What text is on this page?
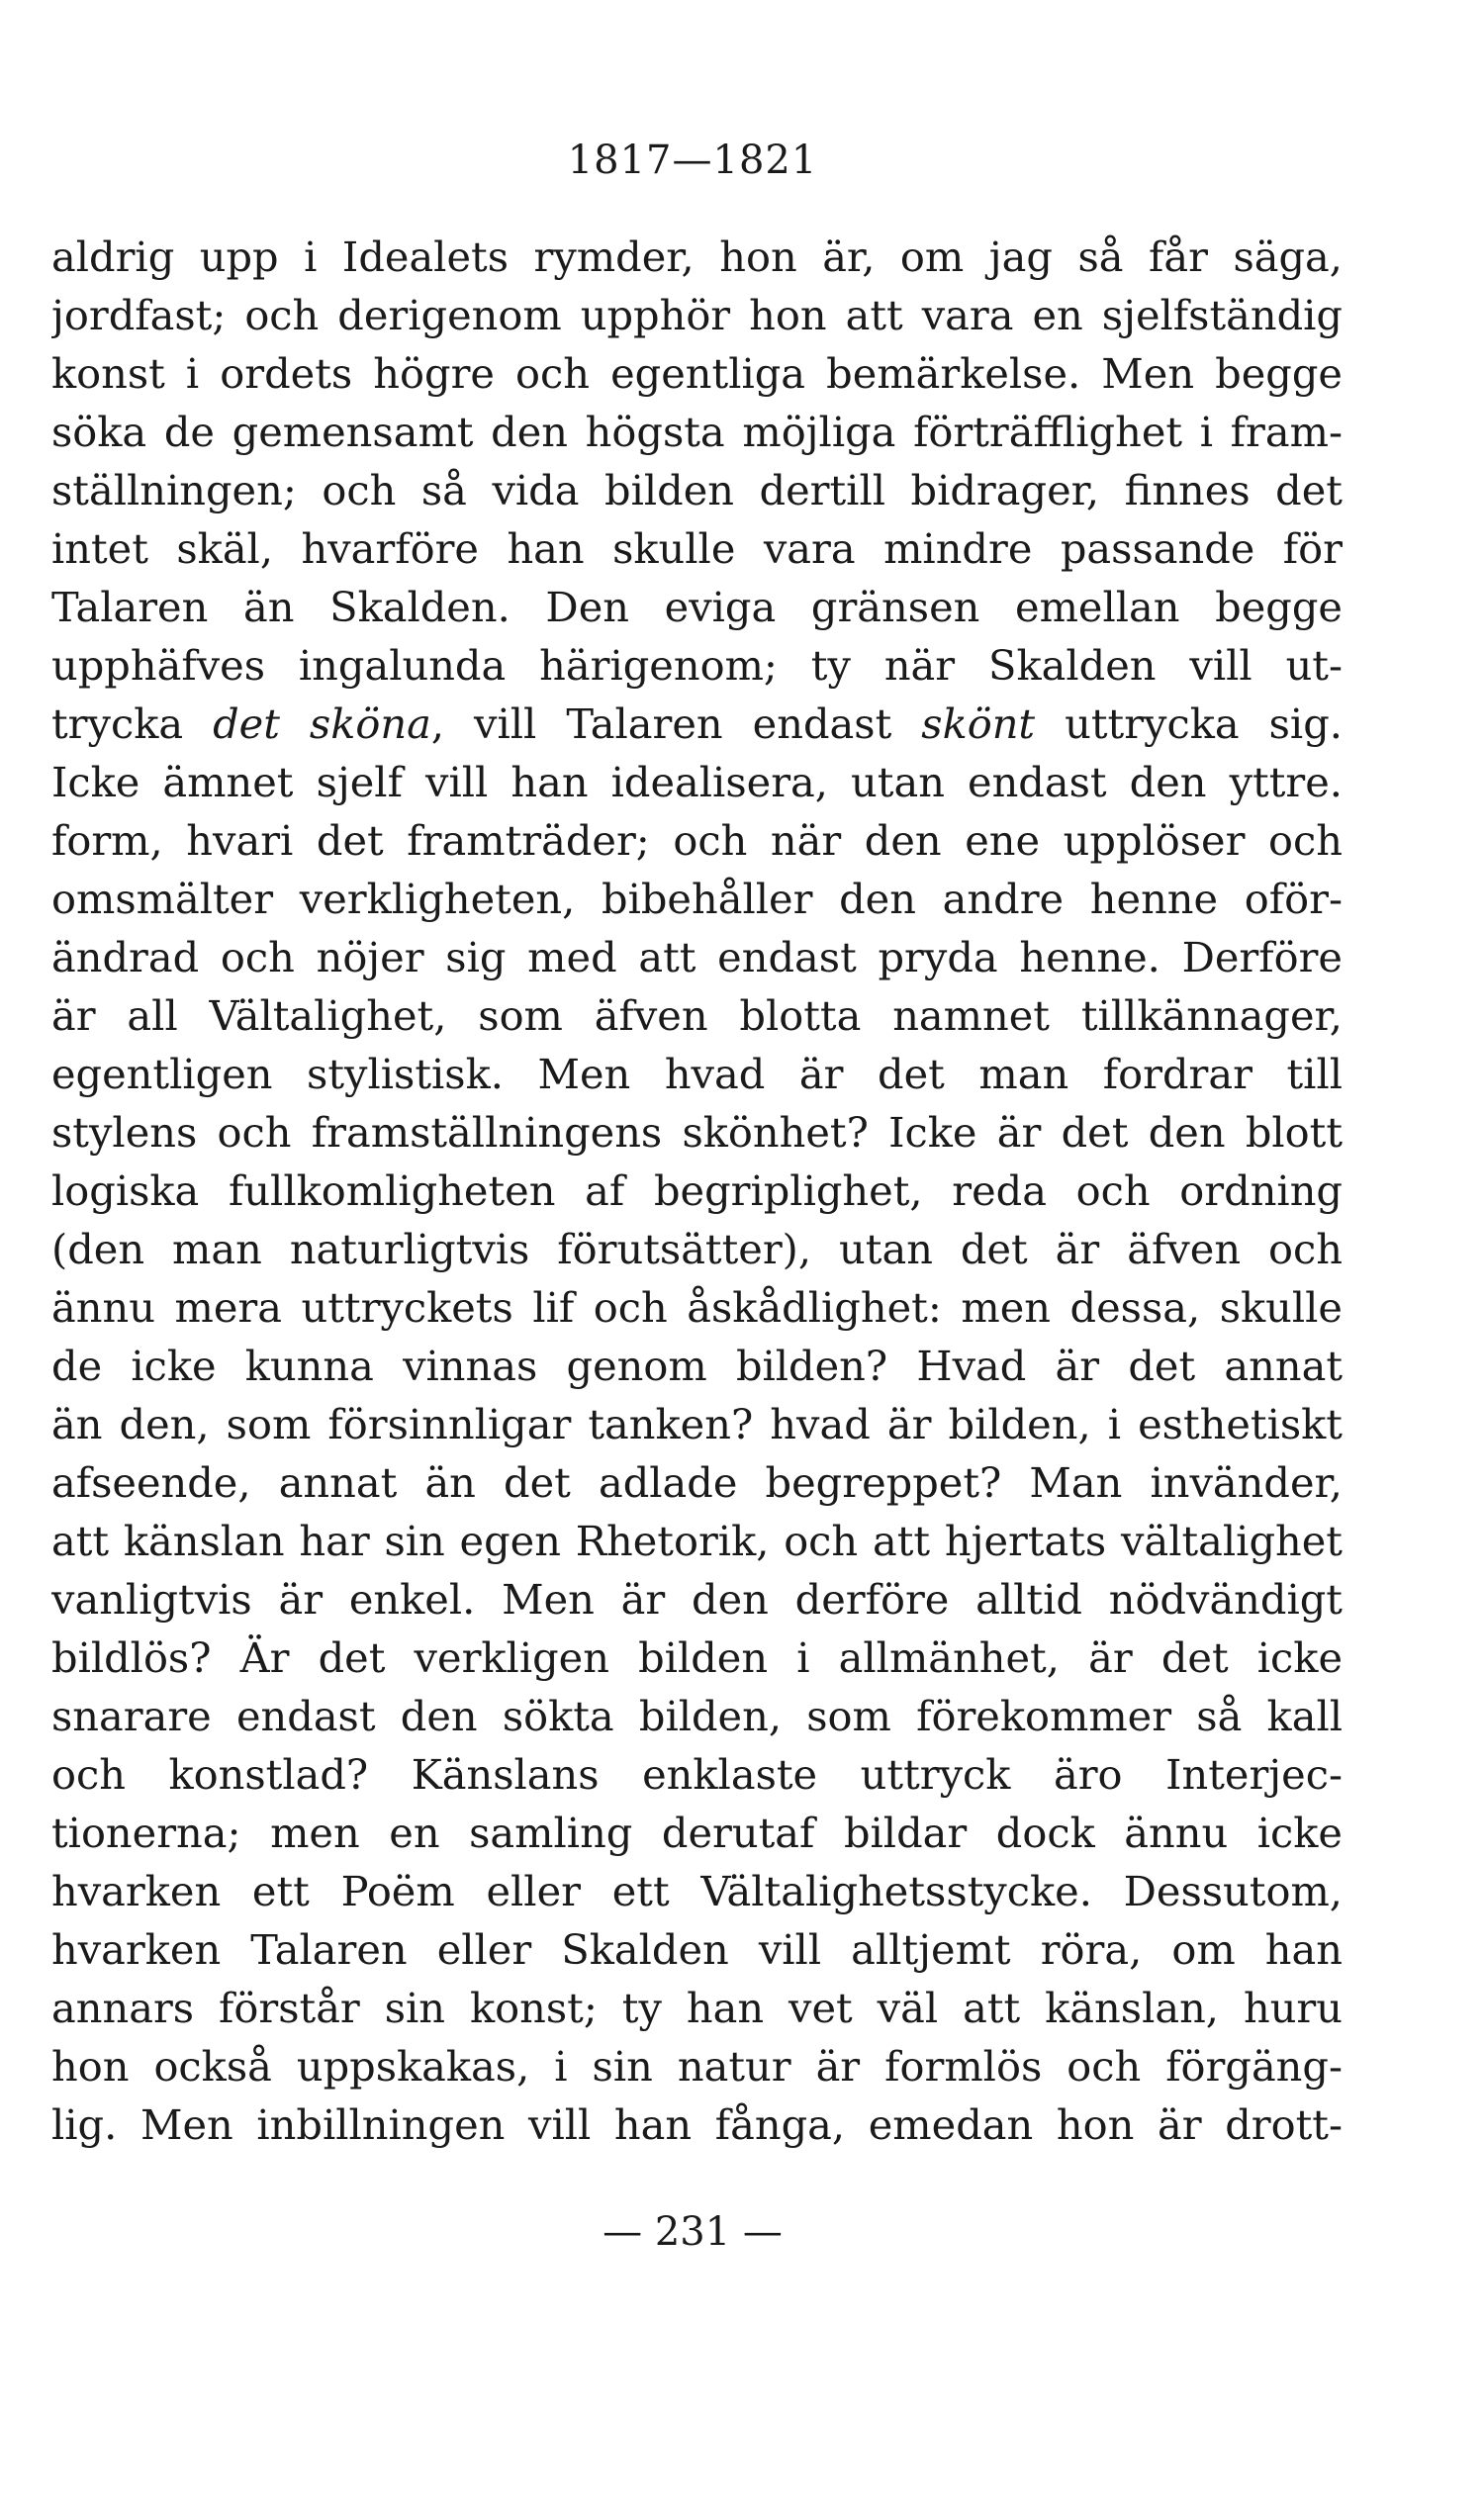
1817—1821
aldrig upp i Idealets rymder, hon är, om jag så får säga,
jordfast; och derigenom upphör hon att vara en sjelfständig
konst i ordets högre och egentliga bemärkelse. Men begge
söka de gemensamt den högsta möjliga förträfflighet i fram-
ställningen; och så vida bilden dertill bidrager, finnes det
intet skäl, hvarföre han skulle vara mindre passande för
Talaren än Skalden. Den eviga gränsen emellan begge
upphäfves ingalunda härigenom; ty när Skalden vill ut-
trycka det sköna, vill Talaren endast skönt uttrycka sig.
Icke ämnet sjelf vill han idealisera, utan endast den yttre.
form, hvari det framträder; och när den ene upplöser och
omsmälter verkligheten, bibehåller den andre henne oför-
ändrad och nöjer sig med att endast pryda henne. Derföre
är all Vältalighet, som äfven blotta namnet tillkännager,
egentligen stylistisk. Men hvad är det man fordrar till
stylens och framställningens skönhet? Icke är det den blott
logiska fullkomligheten af begriplighet, reda och ordning
(den man naturligtvis förutsätter), utan det är äfven och
ännu mera uttryckets lif och åskådlighet: men dessa, skulle
de icke kunna vinnas genom bilden? Hvad är det annat
än den, som försinnligar tanken? hvad är bilden, i esthetiskt
afseende, annat än det adlade begreppet? Man invänder,
att känslan har sin egen Rhetorik, och att hjertats vältalighet
vanligtvis är enkel. Men är den derföre alltid nödvändigt
bildlös? Är det verkligen bilden i allmänhet, är det icke
snarare endast den sökta bilden, som förekommer så kall
och konstlad? Känslans enklaste uttryck äro Interjec-
tionerna; men en samling derutaf bildar dock ännu icke
hvarken ett Poëm eller ett Vältalighetsstycke. Dessutom,
hvarken Talaren eller Skalden vill alltjemt röra, om han
annars förstår sin konst; ty han vet väl att känslan, huru
hon också uppskakas, i sin natur är formlös och förgäng-
lig. Men inbillningen vill han fånga, emedan hon är drott-
— 231 —
